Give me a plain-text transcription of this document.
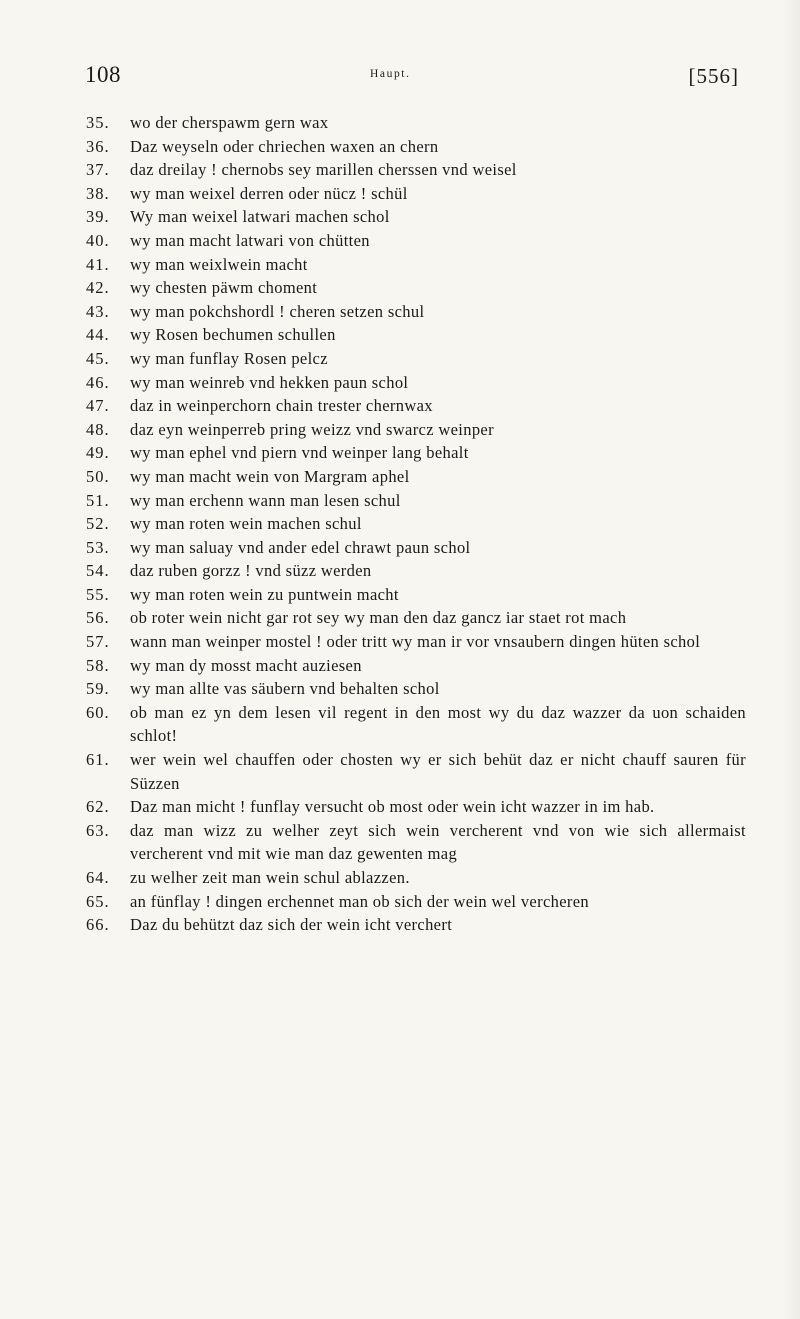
108	Haupt.	[556]
35.	wo der cherspawm gern wax
36.	Daz weyseln oder chriechen waxen an chern
37.	daz dreilay ! chernobs sey marillen cherssen vnd weisel
38.	wy man weixel derren oder nücz ! schül
39.	Wy man weixel latwari machen schol
40.	wy man macht latwari von chütten
41.	wy man weixlwein macht
42.	wy chesten päwm choment
43.	wy man pokchshordl ! cheren setzen schul
44.	wy Rosen bechumen schullen
45.	wy man funflay Rosen pelcz
46.	wy man weinreb vnd hekken paun schol
47.	daz in weinperchorn chain trester chernwax
48.	daz eyn weinperreb pring weizz vnd swarcz weinper
49.	wy man ephel vnd piern vnd weinper lang behalt
50.	wy man macht wein von Margram aphel
51.	wy man erchenn wann man lesen schul
52.	wy man roten wein machen schul
53.	wy man saluay vnd ander edel chrawt paun schol
54.	daz ruben gorzz ! vnd süzz werden
55.	wy man roten wein zu puntwein macht
56.	ob roter wein nicht gar rot sey wy man den daz gancz iar staet rot mach
57.	wann man weinper mostel ! oder tritt wy man ir vor vnsaubern dingen hüten schol
58.	wy man dy mosst macht auziesen
59.	wy man allte vas säubern vnd behalten schol
60.	ob man ez yn dem lesen vil regent in den most wy du daz wazzer da uon schaiden schlot!
61.	wer wein wel chauffen oder chosten wy er sich behüt daz er nicht chauff sauren für Süzzen
62.	Daz man micht ! funflay versucht ob most oder wein icht wazzer in im hab.
63.	daz man wizz zu welher zeyt sich wein vercherent vnd von wie sich allermaist vercherent vnd mit wie man daz gewenten mag
64.	zu welher zeit man wein schul ablazzen.
65.	an fünflay ! dingen erchennet man ob sich der wein wel vercheren
66.	Daz du behützt daz sich der wein icht verchert
